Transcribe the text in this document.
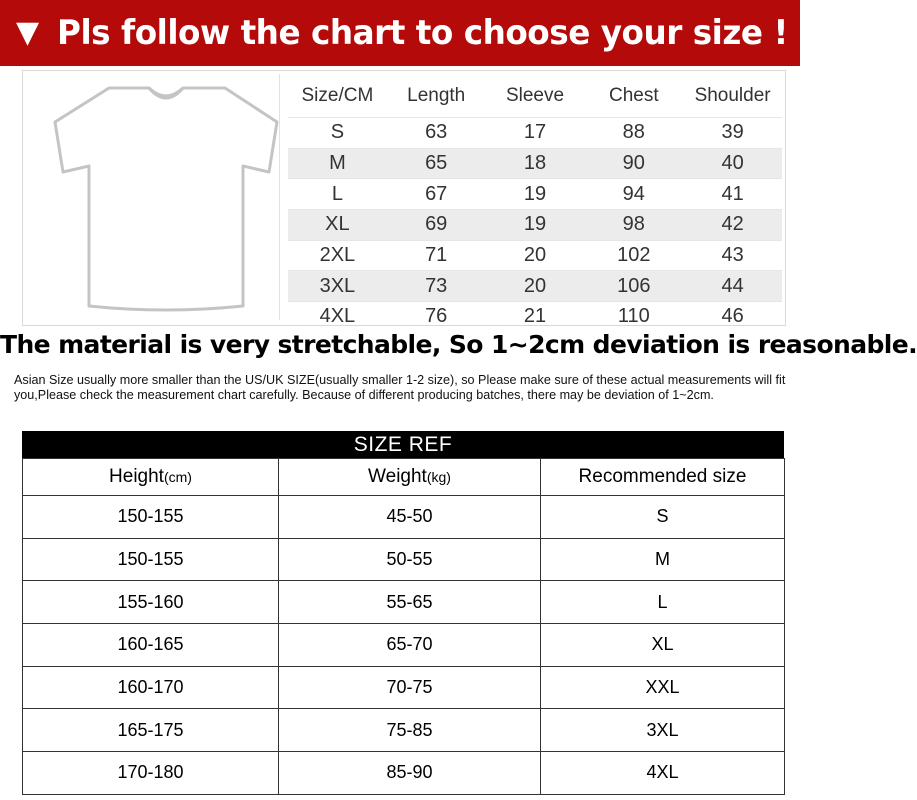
▼ Pls follow the chart to choose your size !
Size/CM	Length	Sleeve	Chest	Shoulder
S	63	17	88	39
M	65	18	90	40
L	67	19	94	41
XL	69	19	98	42
2XL	71	20	102	43
3XL	73	20	106	44
4XL	76	21	110	46
The material is very stretchable, So 1~2cm deviation is reasonable.
Asian Size usually more smaller than the US/UK SIZE(usually smaller 1-2 size), so Please make sure of these actual measurements will fit you,Please check the measurement chart carefully. Because of different producing batches, there may be deviation of 1~2cm.
SIZE REF
Height(cm)	Weight(kg)	Recommended size
150-155	45-50	S
150-155	50-55	M
155-160	55-65	L
160-165	65-70	XL
160-170	70-75	XXL
165-175	75-85	3XL
170-180	85-90	4XL
